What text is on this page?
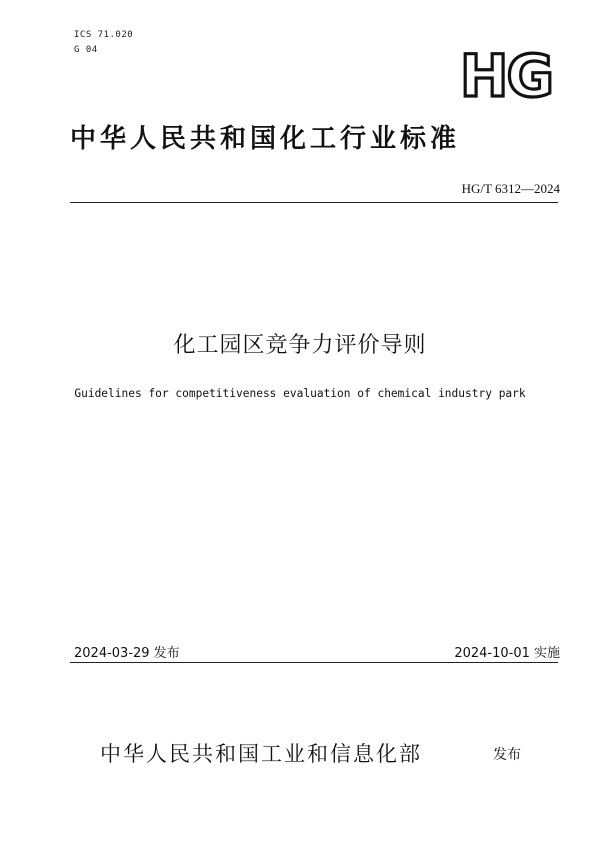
ICS 71.020
G 04	HG
中华人民共和国化工行业标准
HG/T 6312—2024
化工园区竞争力评价导则
Guidelines for competitiveness evaluation of chemical industry park
2024-03-29 发布	2024-10-01 实施
中华人民共和国工业和信息化部	发布
